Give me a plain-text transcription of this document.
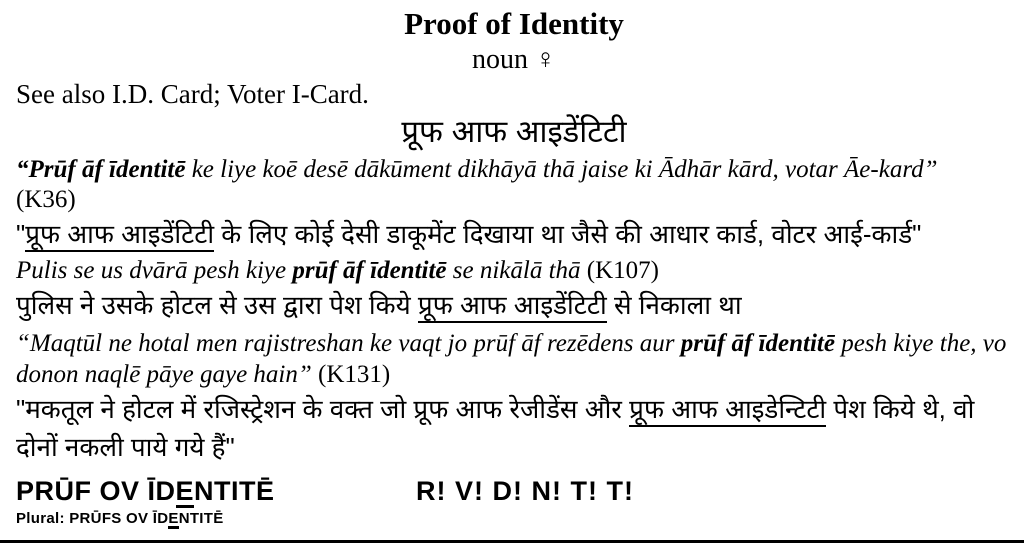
Proof of Identity
noun ♀
See also I.D. Card; Voter I-Card.
प्रूफ आफ आइडेंटिटी
“Prūf āf īdentitē ke liye koē desē dākūment dikhāyā thā jaise ki Ādhār kārd, votar Āe-kard”
(K36)
"प्रूफ आफ आइडेंटिटी के लिए कोई देसी डाकूमेंट दिखाया था जैसे की आधार कार्ड, वोटर आई-कार्ड"
Pulis se us dvārā pesh kiye prūf āf īdentitē se nikālā thā (K107)
पुलिस ने उसके होटल से उस द्वारा पेश किये प्रूफ आफ आइडेंटिटी से निकाला था
“Maqtūl ne hotal men rajistreshan ke vaqt jo prūf āf rezēdens aur prūf āf īdentitē pesh kiye the, vo donon naqlē pāye gaye hain” (K131)
"मकतूल ने होटल में रजिस्ट्रेशन के वक्त जो प्रूफ आफ रेजीडेंस और प्रूफ आफ आइडेन्टिटी पेश किये थे, वो दोनों नकली पाये गये हैं"
PRŪF OV ĪDENTITĒ	R! V! D! N! T! T!
Plural: PRŪFS OV ĪDENTITĒ
